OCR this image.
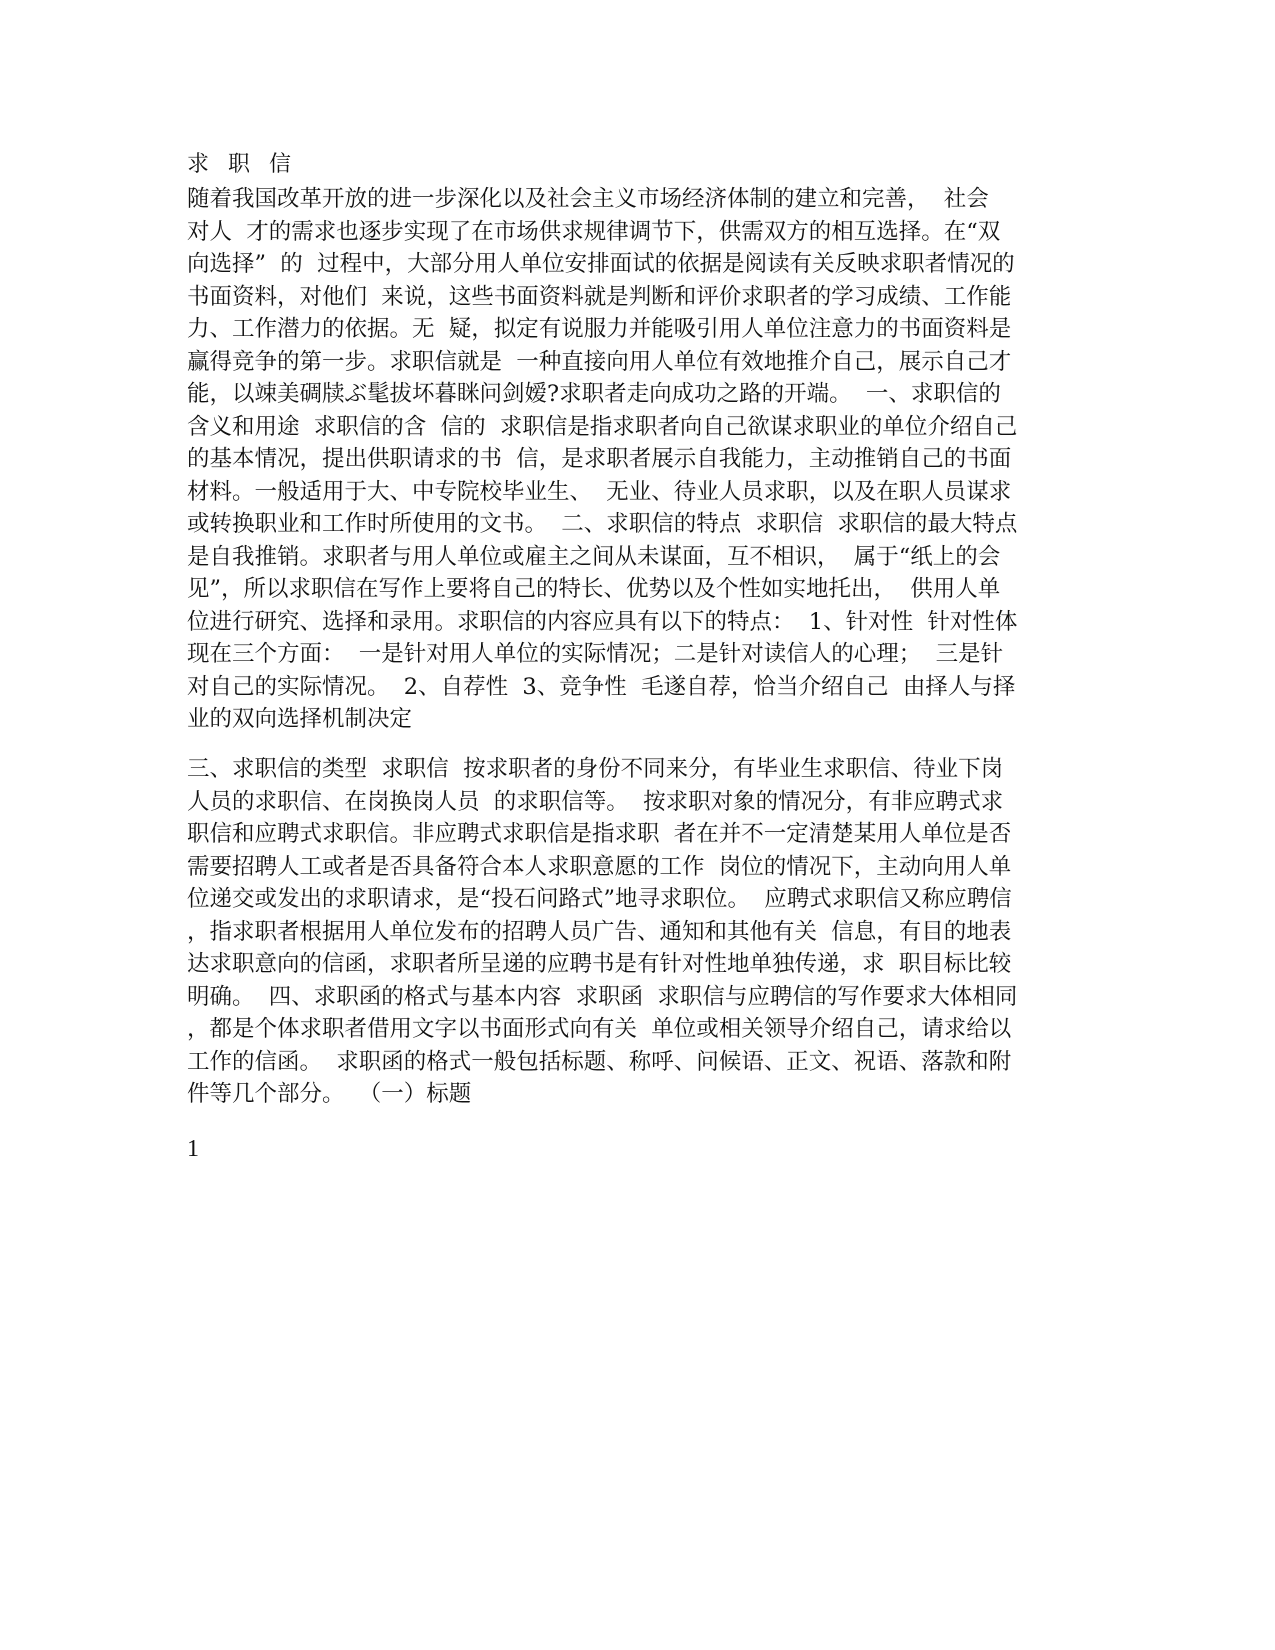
求 职 信
随着我国改革开放的进一步深化以及社会主义市场经济体制的建立和完善，  社会
对人  才的需求也逐步实现了在市场供求规律调节下，供需双方的相互选择。在“双
向选择”  的  过程中，大部分用人单位安排面试的依据是阅读有关反映求职者情况的
书面资料，对他们  来说，这些书面资料就是判断和评价求职者的学习成绩、工作能
力、工作潜力的依据。无  疑，拟定有说服力并能吸引用人单位注意力的书面资料是
赢得竞争的第一步。求职信就是  一种直接向用人单位有效地推介自己，展示自己才
能，以竦美碉牍ぶ髦拔坏暮眯问剑嫒?求职者走向成功之路的开端。  一、求职信的
含义和用途  求职信的含  信的  求职信是指求职者向自己欲谋求职业的单位介绍自己
的基本情况，提出供职请求的书  信，是求职者展示自我能力，主动推销自己的书面
材料。一般适用于大、中专院校毕业生、  无业、待业人员求职，以及在职人员谋求
或转换职业和工作时所使用的文书。  二、求职信的特点  求职信  求职信的最大特点
是自我推销。求职者与用人单位或雇主之间从未谋面，互不相识，  属于“纸上的会
见”，所以求职信在写作上要将自己的特长、优势以及个性如实地托出，  供用人单
位进行研究、选择和录用。求职信的内容应具有以下的特点：  1、针对性  针对性体
现在三个方面：  一是针对用人单位的实际情况；二是针对读信人的心理；  三是针
对自己的实际情况。  2、自荐性  3、竞争性  毛遂自荐，恰当介绍自己  由择人与择
业的双向选择机制决定
三、求职信的类型  求职信  按求职者的身份不同来分，有毕业生求职信、待业下岗
人员的求职信、在岗换岗人员  的求职信等。  按求职对象的情况分，有非应聘式求
职信和应聘式求职信。非应聘式求职信是指求职  者在并不一定清楚某用人单位是否
需要招聘人工或者是否具备符合本人求职意愿的工作  岗位的情况下，主动向用人单
位递交或发出的求职请求，是“投石问路式”地寻求职位。  应聘式求职信又称应聘信
，指求职者根据用人单位发布的招聘人员广告、通知和其他有关  信息，有目的地表
达求职意向的信函，求职者所呈递的应聘书是有针对性地单独传递，求  职目标比较
明确。  四、求职函的格式与基本内容  求职函  求职信与应聘信的写作要求大体相同
，都是个体求职者借用文字以书面形式向有关  单位或相关领导介绍自己，请求给以
工作的信函。  求职函的格式一般包括标题、称呼、问候语、正文、祝语、落款和附
件等几个部分。  （一）标题
1
